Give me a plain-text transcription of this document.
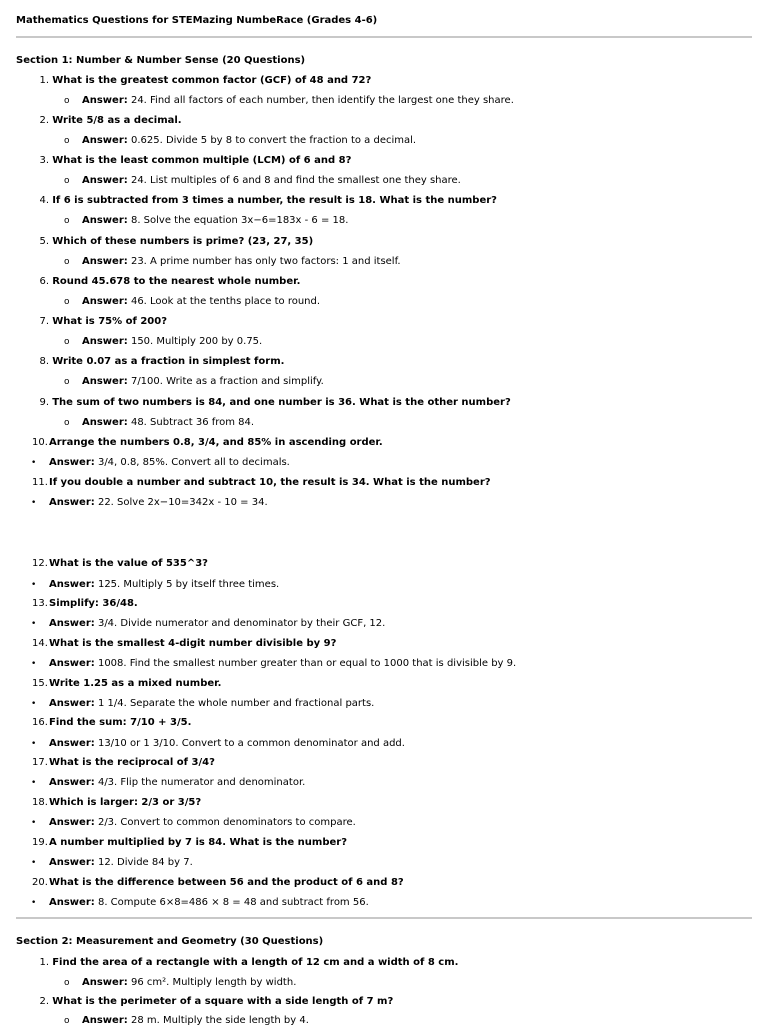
Mathematics Questions for STEMazing NumbeRace (Grades 4-6)
Section 1: Number & Number Sense (20 Questions)
1. What is the greatest common factor (GCF) of 48 and 72?
o Answer: 24. Find all factors of each number, then identify the largest one they share.
2. Write 5/8 as a decimal.
o Answer: 0.625. Divide 5 by 8 to convert the fraction to a decimal.
3. What is the least common multiple (LCM) of 6 and 8?
o Answer: 24. List multiples of 6 and 8 and find the smallest one they share.
4. If 6 is subtracted from 3 times a number, the result is 18. What is the number?
o Answer: 8. Solve the equation 3x−6=183x - 6 = 18.
5. Which of these numbers is prime? (23, 27, 35)
o Answer: 23. A prime number has only two factors: 1 and itself.
6. Round 45.678 to the nearest whole number.
o Answer: 46. Look at the tenths place to round.
7. What is 75% of 200?
o Answer: 150. Multiply 200 by 0.75.
8. Write 0.07 as a fraction in simplest form.
o Answer: 7/100. Write as a fraction and simplify.
9. The sum of two numbers is 84, and one number is 36. What is the other number?
o Answer: 48. Subtract 36 from 84.
10.Arrange the numbers 0.8, 3/4, and 85% in ascending order.
• Answer: 3/4, 0.8, 85%. Convert all to decimals.
11.If you double a number and subtract 10, the result is 34. What is the number?
• Answer: 22. Solve 2x−10=342x - 10 = 34.
12.What is the value of 535^3?
• Answer: 125. Multiply 5 by itself three times.
13.Simplify: 36/48.
• Answer: 3/4. Divide numerator and denominator by their GCF, 12.
14.What is the smallest 4-digit number divisible by 9?
• Answer: 1008. Find the smallest number greater than or equal to 1000 that is divisible by 9.
15.Write 1.25 as a mixed number.
• Answer: 1 1/4. Separate the whole number and fractional parts.
16.Find the sum: 7/10 + 3/5.
• Answer: 13/10 or 1 3/10. Convert to a common denominator and add.
17.What is the reciprocal of 3/4?
• Answer: 4/3. Flip the numerator and denominator.
18.Which is larger: 2/3 or 3/5?
• Answer: 2/3. Convert to common denominators to compare.
19.A number multiplied by 7 is 84. What is the number?
• Answer: 12. Divide 84 by 7.
20.What is the difference between 56 and the product of 6 and 8?
• Answer: 8. Compute 6×8=486 × 8 = 48 and subtract from 56.
Section 2: Measurement and Geometry (30 Questions)
1. Find the area of a rectangle with a length of 12 cm and a width of 8 cm.
o Answer: 96 cm². Multiply length by width.
2. What is the perimeter of a square with a side length of 7 m?
o Answer: 28 m. Multiply the side length by 4.
